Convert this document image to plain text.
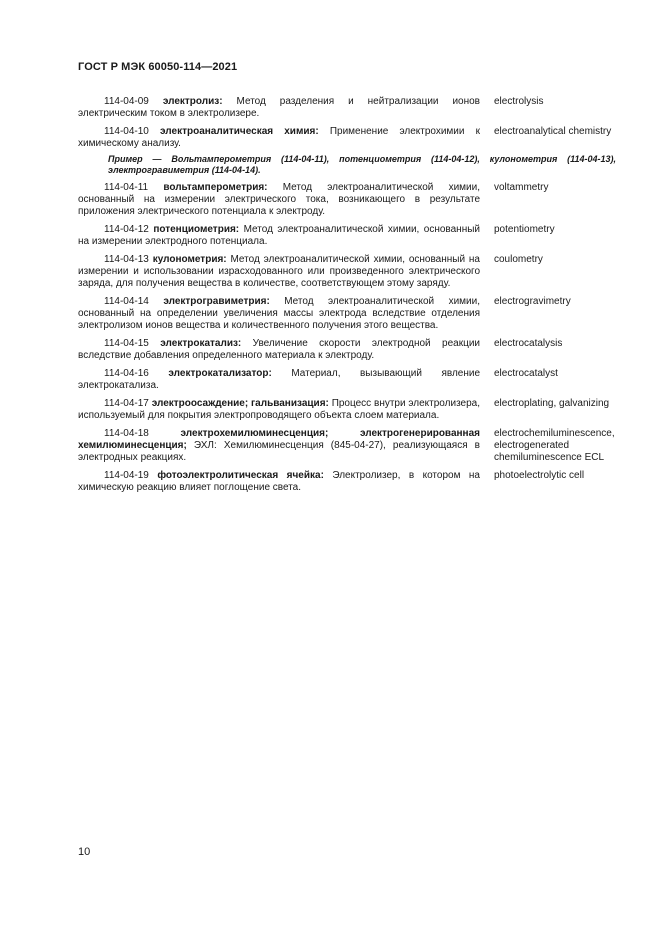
ГОСТ Р МЭК 60050-114—2021
114-04-09 электролиз: Метод разделения и нейтрализации ионов электрическим током в электролизере.
electrolysis
114-04-10 электроаналитическая химия: Применение электрохимии к химическому анализу.
electroanalytical chemistry
Пример — Вольтамперометрия (114-04-11), потенциометрия (114-04-12), кулонометрия (114-04-13), электрогравиметрия (114-04-14).
114-04-11 вольтамперометрия: Метод электроаналитической химии, основанный на измерении электрического тока, возникающего в результате приложения электрического потенциала к электроду.
voltammetry
114-04-12 потенциометрия: Метод электроаналитической химии, основанный на измерении электродного потенциала.
potentiometry
114-04-13 кулонометрия: Метод электроаналитической химии, основанный на измерении и использовании израсходованного или произведенного электрического заряда, для получения вещества в количестве, соответствующем этому заряду.
coulometry
114-04-14 электрогравиметрия: Метод электроаналитической химии, основанный на определении увеличения массы электрода вследствие отделения электролизом ионов вещества и количественного получения этого вещества.
electrogravimetry
114-04-15 электрокатализ: Увеличение скорости электродной реакции вследствие добавления определенного материала к электроду.
electrocatalysis
114-04-16 электрокатализатор: Материал, вызывающий явление электрокатализа.
electrocatalyst
114-04-17 электроосаждение; гальванизация: Процесс внутри электролизера, используемый для покрытия электропроводящего объекта слоем материала.
electroplating, galvanizing
114-04-18	электрохемилюминесценция; электрогенерированная хемилюминесценция; ЭХЛ: Хемилюминесценция (845-04-27), реализующаяся в электродных реакциях.
electrochemiluminescence, electrogenerated chemiluminescence ECL
114-04-19 фотоэлектролитическая ячейка: Электролизер, в котором на химическую реакцию влияет поглощение света.
photoelectrolytic cell
10
